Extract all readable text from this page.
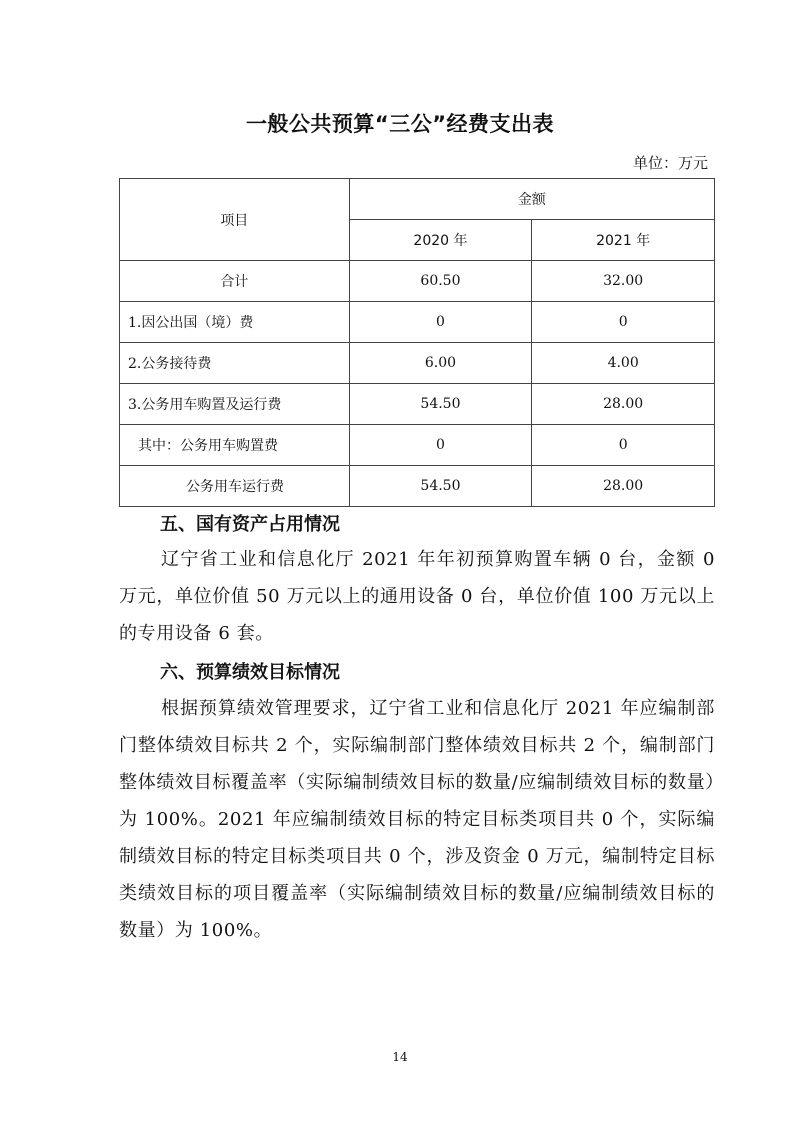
一般公共预算“三公”经费支出表
单位：万元
项目	金额	
	2020 年	2021 年
合计	60.50	32.00
1.因公出国（境）费	0	0
2.公务接待费	6.00	4.00
3.公务用车购置及运行费	54.50	28.00
其中：公务用车购置费	0	0
公务用车运行费	54.50	28.00
五、国有资产占用情况
辽宁省工业和信息化厅 2021 年年初预算购置车辆 0 台，金额 0 万元，单位价值 50 万元以上的通用设备 0 台，单位价值 100 万元以上的专用设备 6 套。
六、预算绩效目标情况
根据预算绩效管理要求，辽宁省工业和信息化厅 2021 年应编制部门整体绩效目标共 2 个，实际编制部门整体绩效目标共 2 个，编制部门整体绩效目标覆盖率（实际编制绩效目标的数量/应编制绩效目标的数量）为 100%。2021 年应编制绩效目标的特定目标类项目共 0 个，实际编制绩效目标的特定目标类项目共 0 个，涉及资金 0 万元，编制特定目标类绩效目标的项目覆盖率（实际编制绩效目标的数量/应编制绩效目标的数量）为 100%。
14
